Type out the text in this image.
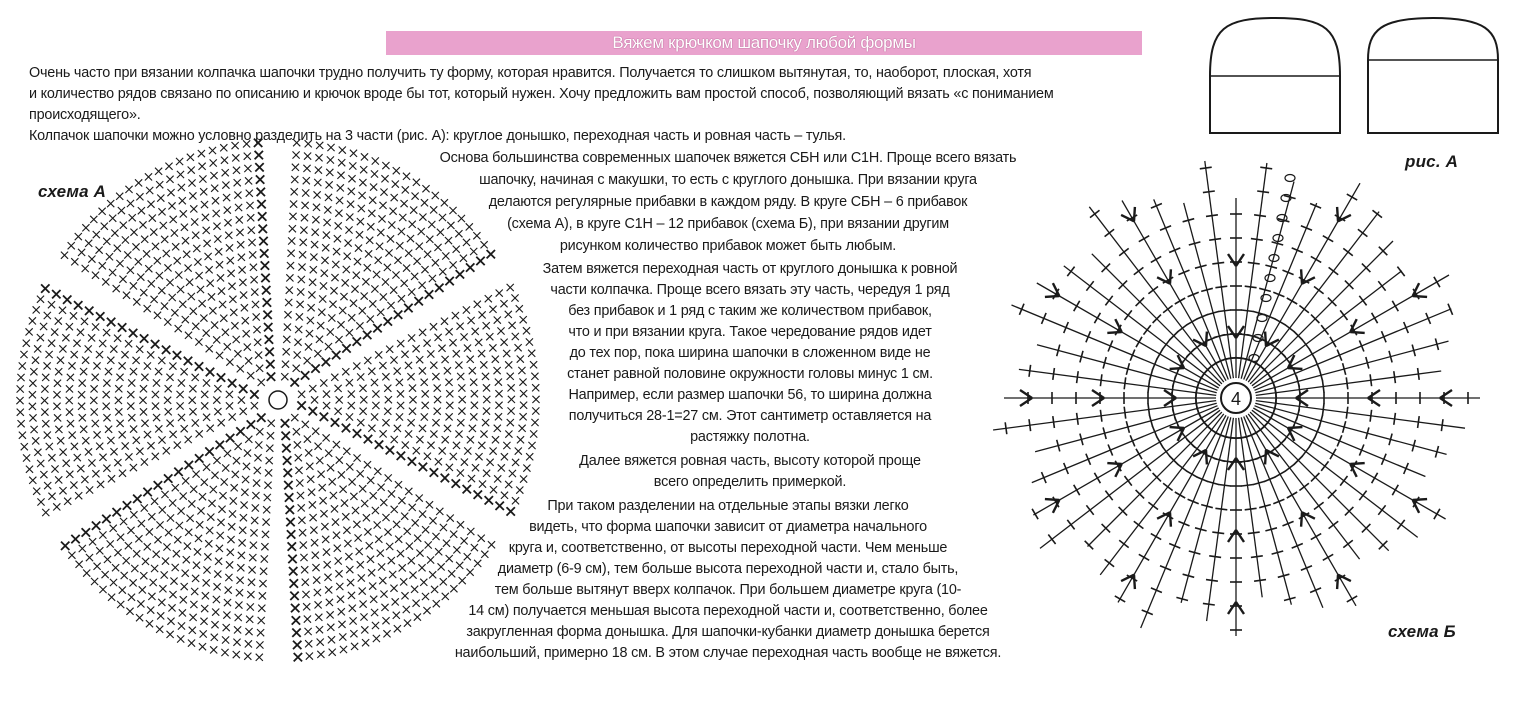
Вяжем крючком шапочку любой формы

Очень часто при вязании колпачка шапочки трудно получить ту форму, которая нравится. Получается то слишком вытянутая, то, наоборот, плоская, хотя

и количество рядов связано по описанию и крючок вроде бы тот, который нужен. Хочу предложить вам простой способ, позволяющий вязать «с пониманием

происходящего».

Колпачок шапочки можно условно разделить на 3 части (рис. А): круглое донышко, переходная часть и ровная часть – тулья.

Основа большинства современных шапочек вяжется СБН или С1Н. Проще всего вязать

шапочку, начиная с макушки, то есть с круглого донышка. При вязании круга

делаются регулярные прибавки в каждом ряду. В круге СБН – 6 прибавок

(схема А), в круге С1Н – 12 прибавок (схема Б), при вязании другим

рисунком количество прибавок может быть любым.

Затем вяжется переходная часть от круглого донышка к ровной

части колпачка. Проще всего вязать эту часть, чередуя 1 ряд

без прибавок и 1 ряд с таким же количеством прибавок,

что и при вязании круга. Такое чередование рядов идет

до тех пор, пока ширина шапочки в сложенном виде не

станет равной половине окружности головы минус 1 см.

Например, если размер шапочки 56, то ширина должна

получиться 28-1=27 см. Этот сантиметр оставляется на

растяжку полотна.

Далее вяжется ровная часть, высоту которой проще

всего определить примеркой.

При таком разделении на отдельные этапы вязки легко

видеть, что форма шапочки зависит от диаметра начального

круга и, соответственно, от высоты переходной части. Чем меньше

диаметр (6-9 см), тем больше высота переходной части и, стало быть,

тем больше вытянут вверх колпачок. При большем диаметре круга (10-

14 см) получается меньшая высота переходной части и, соответственно, более

закругленная форма донышка. Для шапочки-кубанки диаметр донышка берется

наибольший, примерно 18 см. В этом случае переходная часть вообще не вяжется.

схема А
рис. А
4
схема Б
